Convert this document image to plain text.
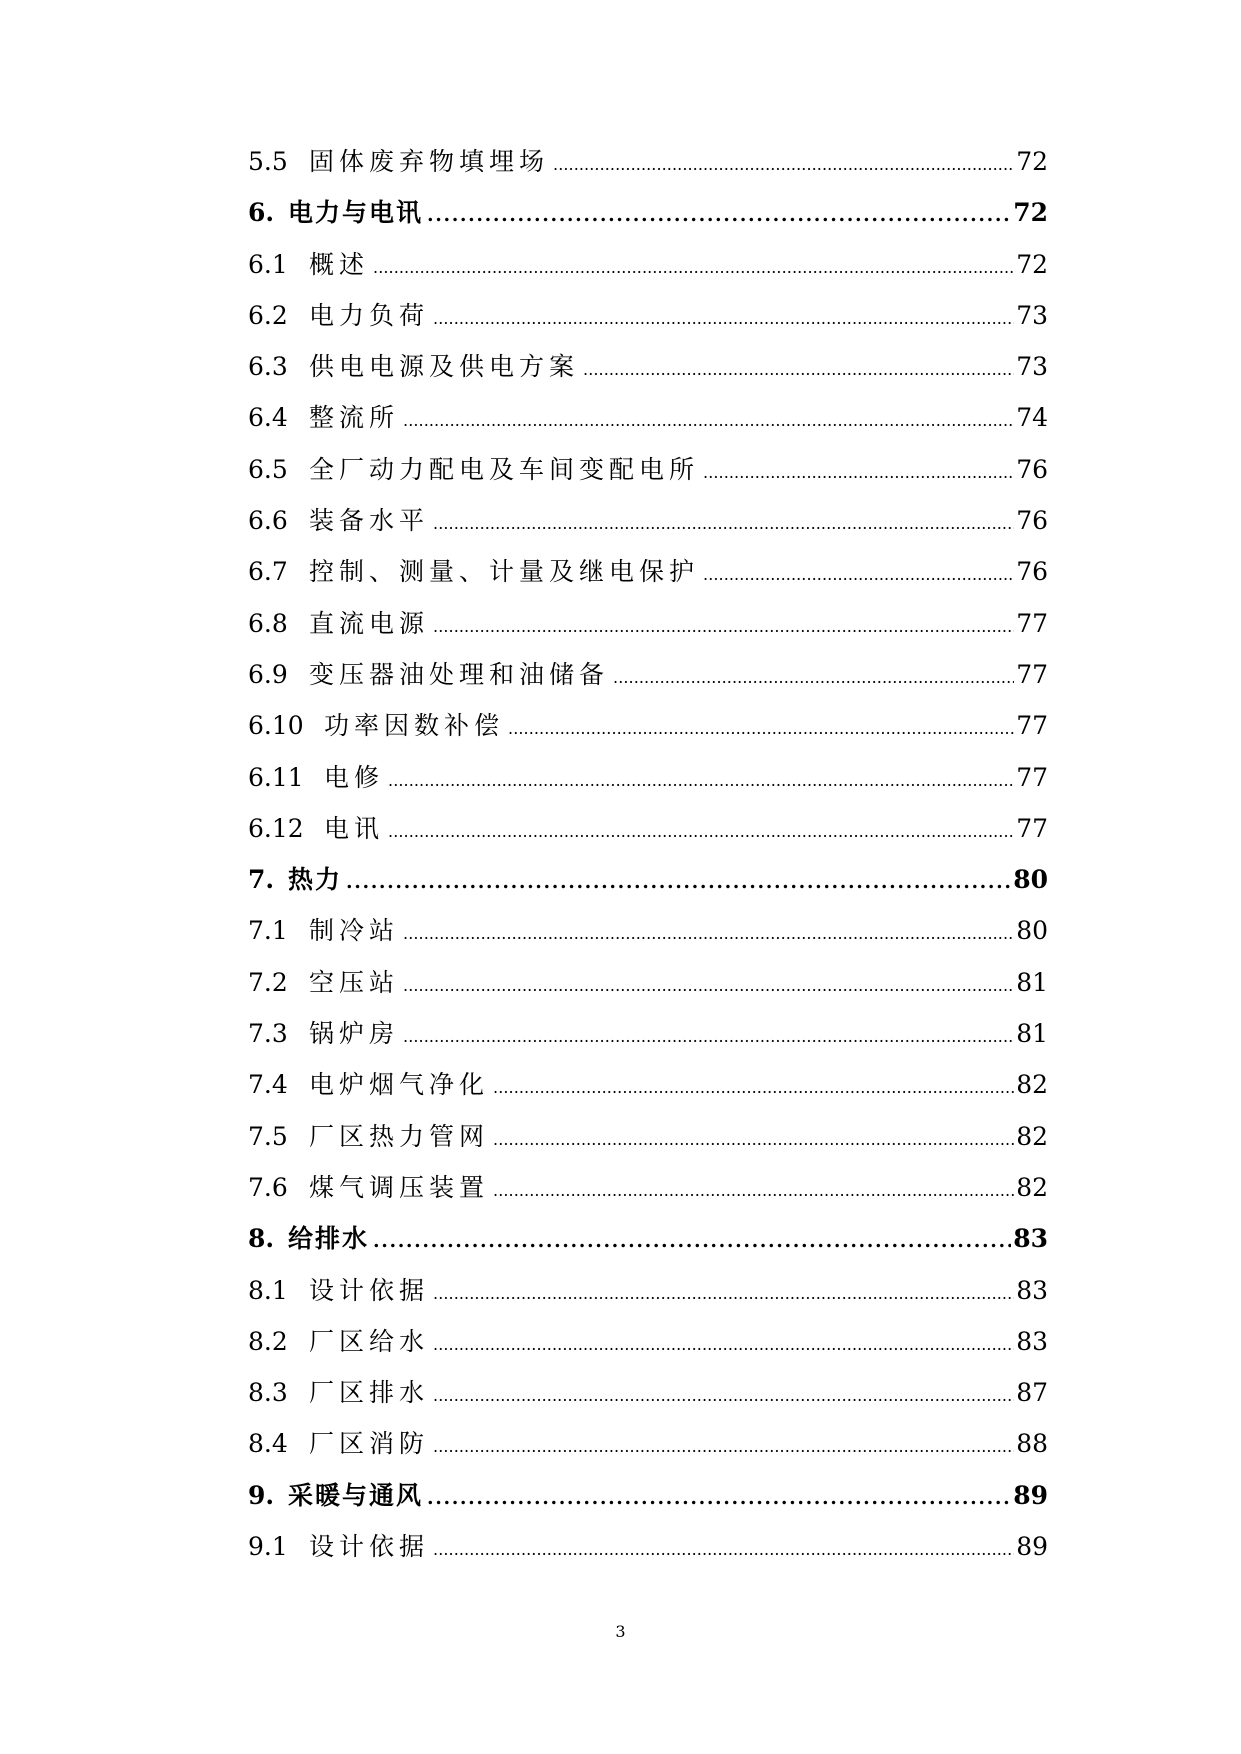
5.5 固体废弃物填埋场 . . .	72
6. 电力与电讯 . . .	72
6.1 概述 . . .	72
6.2 电力负荷 . . .	73
6.3 供电电源及供电方案 . . .	73
6.4 整流所 . . .	74
6.5 全厂动力配电及车间变配电所 . . .	76
6.6 装备水平 . . .	76
6.7 控制、测量、计量及继电保护 . . .	76
6.8 直流电源 . . .	77
6.9 变压器油处理和油储备 . . .	77
6.10 功率因数补偿 . . .	77
6.11 电修 . . .	77
6.12 电讯 . . .	77
7. 热力 . . .	80
7.1 制冷站 . . .	80
7.2 空压站 . . .	81
7.3 锅炉房 . . .	81
7.4 电炉烟气净化 . . .	82
7.5 厂区热力管网 . . .	82
7.6 煤气调压装置 . . .	82
8. 给排水 . . .	83
8.1 设计依据 . . .	83
8.2 厂区给水 . . .	83
8.3 厂区排水 . . .	87
8.4 厂区消防 . . .	88
9. 采暖与通风 . . .	89
9.1 设计依据 . . .	89
3
